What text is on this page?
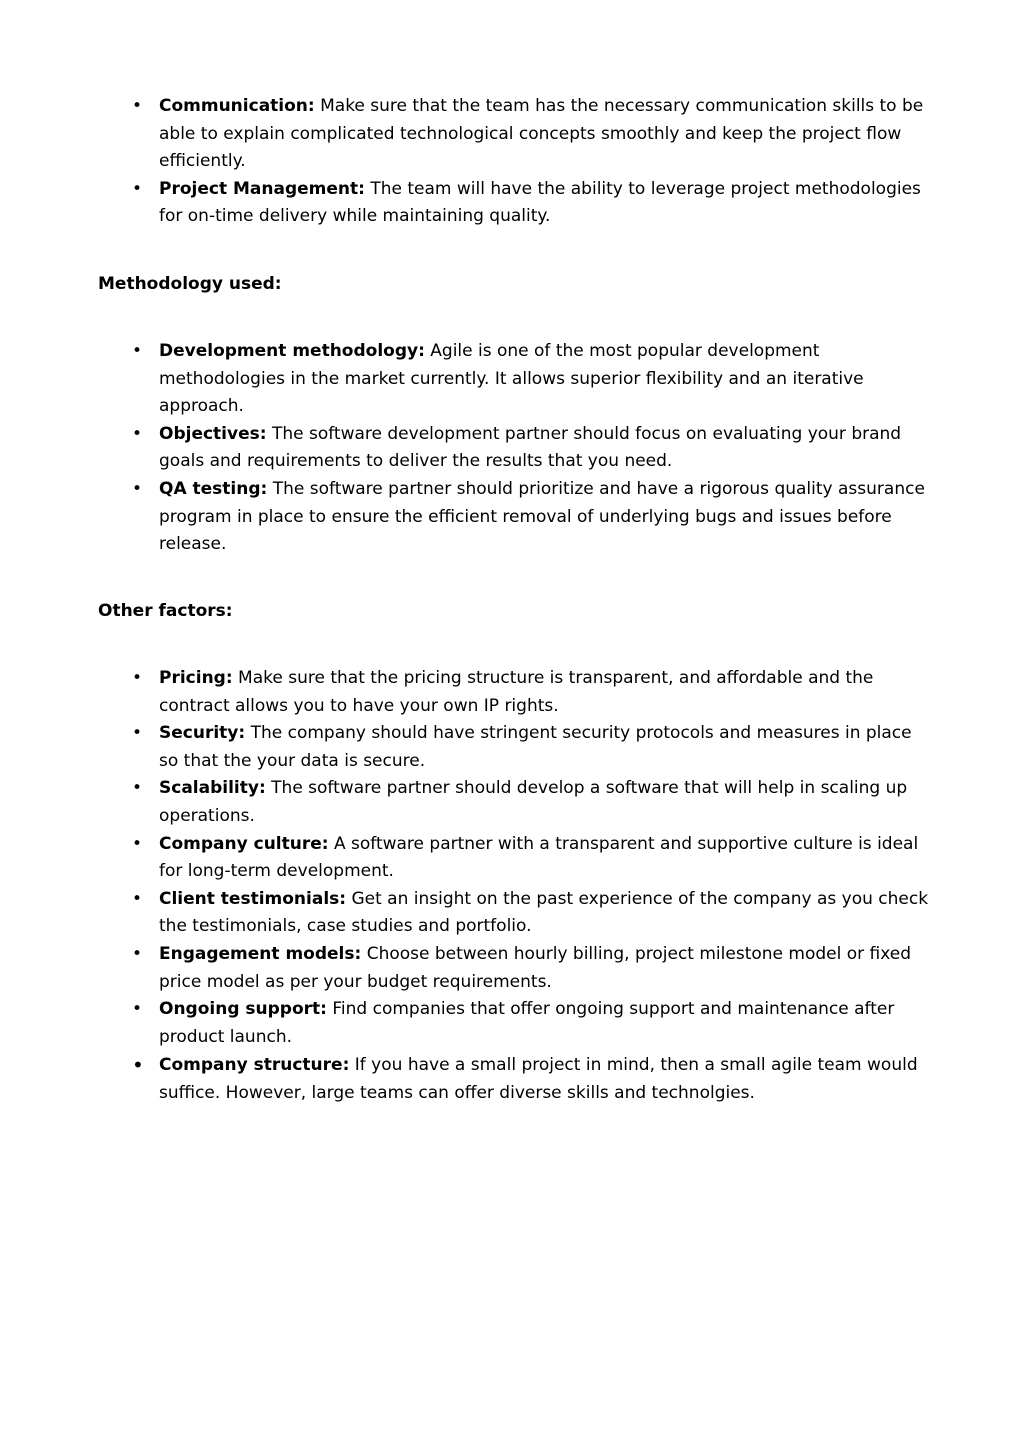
• Communication: Make sure that the team has the necessary communication skills to be able to explain complicated technological concepts smoothly and keep the project flow efficiently.
• Project Management: The team will have the ability to leverage project methodologies for on-time delivery while maintaining quality.
Methodology used:
• Development methodology: Agile is one of the most popular development methodologies in the market currently. It allows superior flexibility and an iterative approach.
• Objectives: The software development partner should focus on evaluating your brand goals and requirements to deliver the results that you need.
• QA testing: The software partner should prioritize and have a rigorous quality assurance program in place to ensure the efficient removal of underlying bugs and issues before release.
Other factors:
• Pricing: Make sure that the pricing structure is transparent, and affordable and the contract allows you to have your own IP rights.
• Security: The company should have stringent security protocols and measures in place so that the your data is secure.
• Scalability: The software partner should develop a software that will help in scaling up operations.
• Company culture: A software partner with a transparent and supportive culture is ideal for long-term development.
• Client testimonials: Get an insight on the past experience of the company as you check the testimonials, case studies and portfolio.
• Engagement models: Choose between hourly billing, project milestone model or fixed price model as per your budget requirements.
• Ongoing support: Find companies that offer ongoing support and maintenance after product launch.
• Company structure: If you have a small project in mind, then a small agile team would suffice. However, large teams can offer diverse skills and technolgies.
